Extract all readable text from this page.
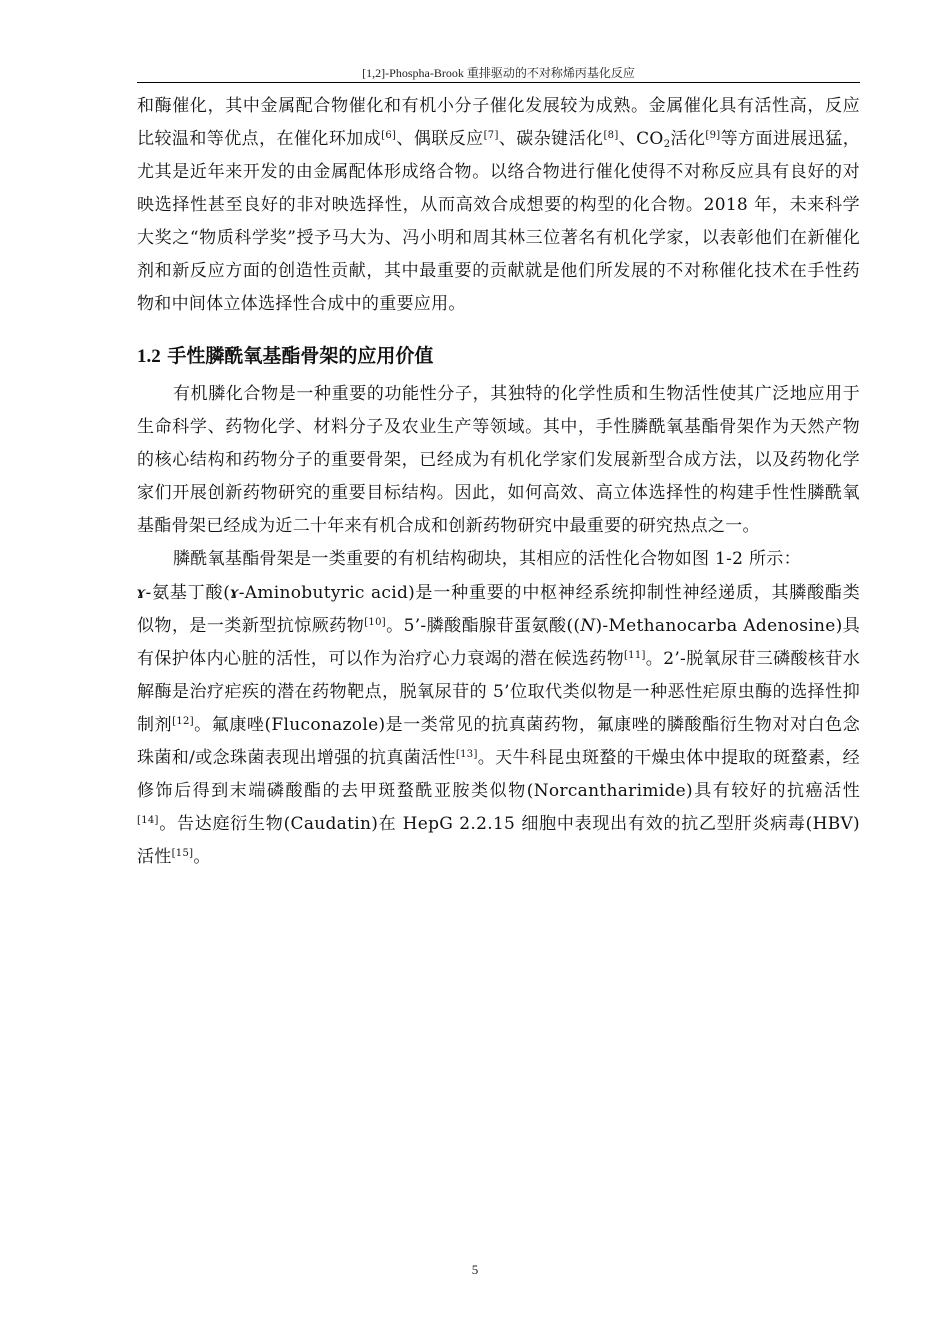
[1,2]-Phospha-Brook 重排驱动的不对称烯丙基化反应

和酶催化，其中金属配合物催化和有机小分子催化发展较为成熟。金属催化具有活性高，反应比较温和等优点，在催化环加成[6]、偶联反应[7]、碳杂键活化[8]、$CO_2$活化[9]等方面进展迅猛，尤其是近年来开发的由金属配体形成络合物。以络合物进行催化使得不对称反应具有良好的对映选择性甚至良好的非对映选择性，从而高效合成想要的构型的化合物。2018 年，未来科学大奖之“物质科学奖”授予马大为、冯小明和周其林三位著名有机化学家，以表彰他们在新催化剂和新反应方面的创造性贡献，其中最重要的贡献就是他们所发展的不对称催化技术在手性药物和中间体立体选择性合成中的重要应用。

1.2 手性膦酰氧基酯骨架的应用价值

有机膦化合物是一种重要的功能性分子，其独特的化学性质和生物活性使其广泛地应用于生命科学、药物化学、材料分子及农业生产等领域。其中，手性膦酰氧基酯骨架作为天然产物的核心结构和药物分子的重要骨架，已经成为有机化学家们发展新型合成方法，以及药物化学家们开展创新药物研究的重要目标结构。因此，如何高效、高立体选择性的构建手性性膦酰氧基酯骨架已经成为近二十年来有机合成和创新药物研究中最重要的研究热点之一。

膦酰氧基酯骨架是一类重要的有机结构砌块，其相应的活性化合物如图 1-2 所示：
ɤ-氨基丁酸(ɤ-Aminobutyric acid)是一种重要的中枢神经系统抑制性神经递质，其膦酸酯类似物，是一类新型抗惊厥药物[10]。5’-膦酸酯腺苷蛋氨酸((N)-Methanocarba Adenosine)具有保护体内心脏的活性，可以作为治疗心力衰竭的潜在候选药物[11]。2’-脱氧尿苷三磷酸核苷水解酶是治疗疟疾的潜在药物靶点，脱氧尿苷的 5’位取代类似物是一种恶性疟原虫酶的选择性抑制剂[12]。氟康唑(Fluconazole)是一类常见的抗真菌药物，氟康唑的膦酸酯衍生物对对白色念珠菌和/或念珠菌表现出增强的抗真菌活性[13]。天牛科昆虫斑蝥的干燥虫体中提取的斑蝥素，经修饰后得到末端磷酸酯的去甲斑蝥酰亚胺类似物(Norcantharimide)具有较好的抗癌活性[14]。告达庭衍生物(Caudatin)在 HepG 2.2.15 细胞中表现出有效的抗乙型肝炎病毒(HBV)活性[15]。

5
